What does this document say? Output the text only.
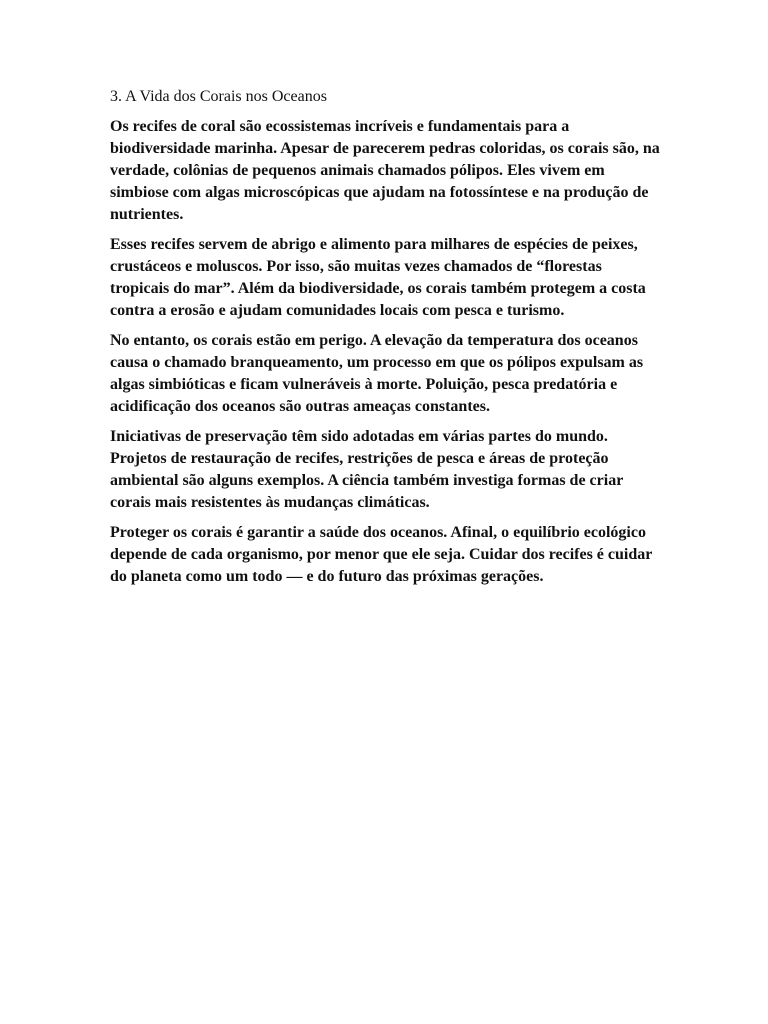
3. A Vida dos Corais nos Oceanos

Os recifes de coral são ecossistemas incríveis e fundamentais para a biodiversidade marinha. Apesar de parecerem pedras coloridas, os corais são, na verdade, colônias de pequenos animais chamados pólipos. Eles vivem em simbiose com algas microscópicas que ajudam na fotossíntese e na produção de nutrientes.

Esses recifes servem de abrigo e alimento para milhares de espécies de peixes, crustáceos e moluscos. Por isso, são muitas vezes chamados de “florestas tropicais do mar”. Além da biodiversidade, os corais também protegem a costa contra a erosão e ajudam comunidades locais com pesca e turismo.

No entanto, os corais estão em perigo. A elevação da temperatura dos oceanos causa o chamado branqueamento, um processo em que os pólipos expulsam as algas simbióticas e ficam vulneráveis à morte. Poluição, pesca predatória e acidificação dos oceanos são outras ameaças constantes.

Iniciativas de preservação têm sido adotadas em várias partes do mundo. Projetos de restauração de recifes, restrições de pesca e áreas de proteção ambiental são alguns exemplos. A ciência também investiga formas de criar corais mais resistentes às mudanças climáticas.

Proteger os corais é garantir a saúde dos oceanos. Afinal, o equilíbrio ecológico depende de cada organismo, por menor que ele seja. Cuidar dos recifes é cuidar do planeta como um todo — e do futuro das próximas gerações.
